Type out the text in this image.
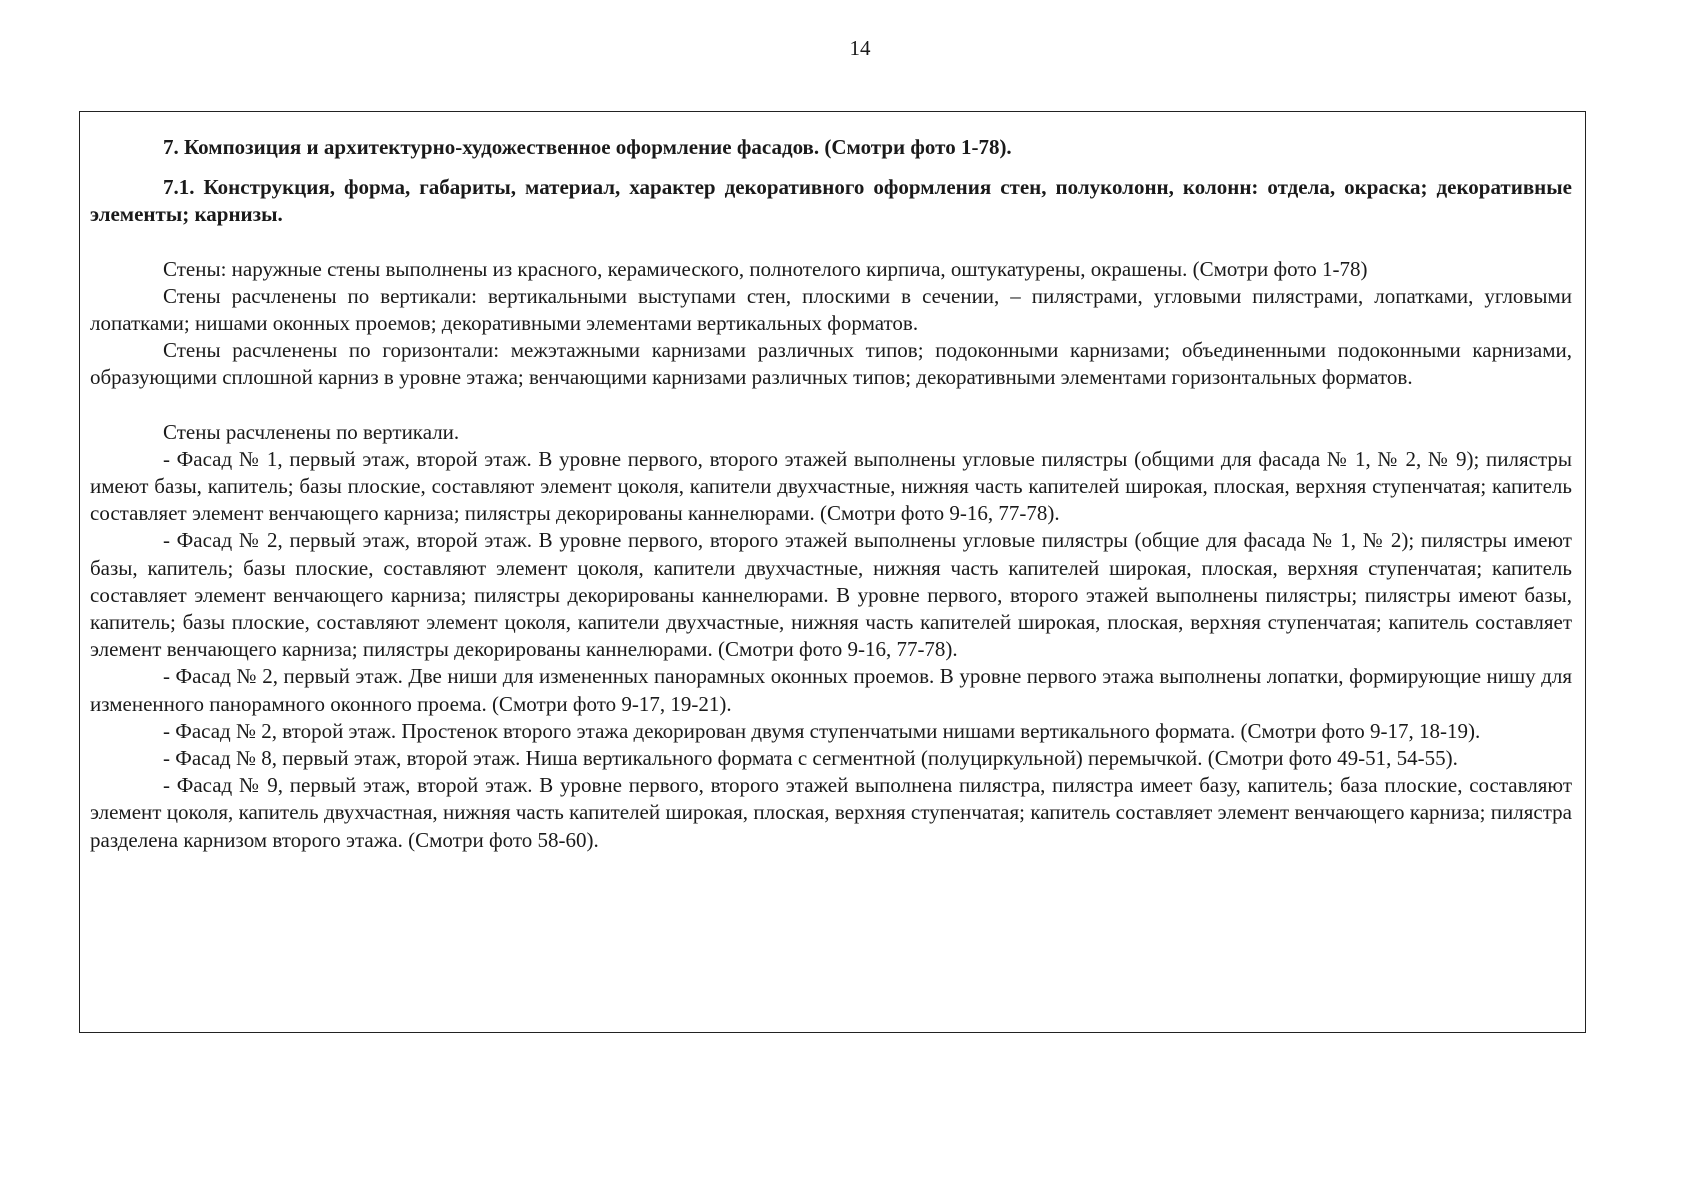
14

7. Композиция и архитектурно-художественное оформление фасадов. (Смотри фото 1-78).

7.1. Конструкция, форма, габариты, материал, характер декоративного оформления стен, полуколонн, колонн: отдела, окраска; декоративные элементы; карнизы.

Стены: наружные стены выполнены из красного, керамического, полнотелого кирпича, оштукатурены, окрашены. (Смотри фото 1-78)

Стены расчленены по вертикали: вертикальными выступами стен, плоскими в сечении, – пилястрами, угловыми пилястрами, лопатками, угловыми лопатками; нишами оконных проемов; декоративными элементами вертикальных форматов.

Стены расчленены по горизонтали: межэтажными карнизами различных типов; подоконными карнизами; объединенными подоконными карнизами, образующими сплошной карниз в уровне этажа; венчающими карнизами различных типов; декоративными элементами горизонтальных форматов.

Стены расчленены по вертикали.

- Фасад № 1, первый этаж, второй этаж. В уровне первого, второго этажей выполнены угловые пилястры (общими для фасада № 1, № 2, № 9); пилястры имеют базы, капитель; базы плоские, составляют элемент цоколя, капители двухчастные, нижняя часть капителей широкая, плоская, верхняя ступенчатая; капитель составляет элемент венчающего карниза; пилястры декорированы каннелюрами. (Смотри фото 9-16, 77-78).

- Фасад № 2, первый этаж, второй этаж. В уровне первого, второго этажей выполнены угловые пилястры (общие для фасада № 1, № 2); пилястры имеют базы, капитель; базы плоские, составляют элемент цоколя, капители двухчастные, нижняя часть капителей широкая, плоская, верхняя ступенчатая; капитель составляет элемент венчающего карниза; пилястры декорированы каннелюрами. В уровне первого, второго этажей выполнены пилястры; пилястры имеют базы, капитель; базы плоские, составляют элемент цоколя, капители двухчастные, нижняя часть капителей широкая, плоская, верхняя ступенчатая; капитель составляет элемент венчающего карниза; пилястры декорированы каннелюрами. (Смотри фото 9-16, 77-78).

- Фасад № 2, первый этаж. Две ниши для измененных панорамных оконных проемов. В уровне первого этажа выполнены лопатки, формирующие нишу для измененного панорамного оконного проема. (Смотри фото 9-17, 19-21).

- Фасад № 2, второй этаж. Простенок второго этажа декорирован двумя ступенчатыми нишами вертикального формата. (Смотри фото 9-17, 18-19).

- Фасад № 8, первый этаж, второй этаж. Ниша вертикального формата с сегментной (полуциркульной) перемычкой. (Смотри фото 49-51, 54-55).

- Фасад № 9, первый этаж, второй этаж. В уровне первого, второго этажей выполнена пилястра, пилястра имеет базу, капитель; база плоские, составляют элемент цоколя, капитель двухчастная, нижняя часть капителей широкая, плоская, верхняя ступенчатая; капитель составляет элемент венчающего карниза; пилястра разделена карнизом второго этажа. (Смотри фото 58-60).
